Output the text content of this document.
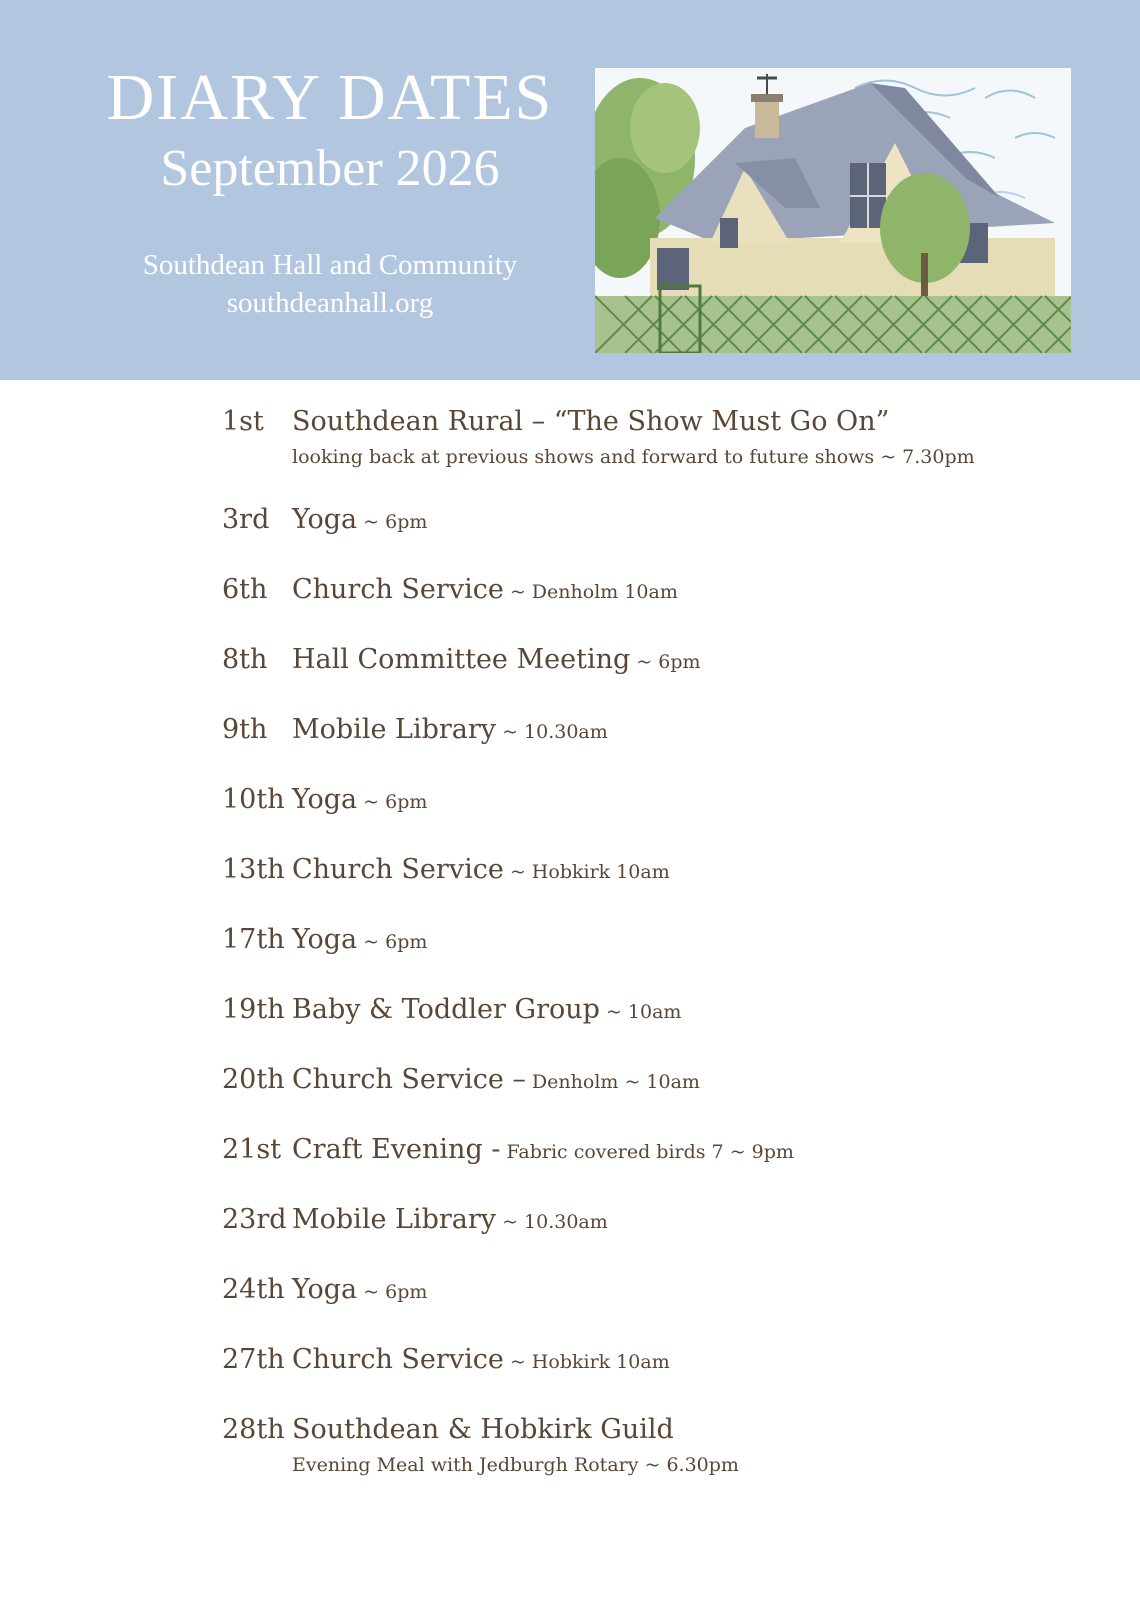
DIARY DATES
September 2026
Southdean Hall and Community
southdeanhall.org
1st Southdean Rural – “The Show Must Go On”
looking back at previous shows and forward to future shows ~ 7.30pm
3rd Yoga ~ 6pm
6th Church Service ~ Denholm 10am
8th Hall Committee Meeting ~ 6pm
9th Mobile Library ~ 10.30am
10th Yoga ~ 6pm
13th Church Service ~ Hobkirk 10am
17th Yoga ~ 6pm
19th Baby & Toddler Group ~ 10am
20th Church Service – Denholm ~ 10am
21st Craft Evening - Fabric covered birds 7 ~ 9pm
23rd Mobile Library ~ 10.30am
24th Yoga ~ 6pm
27th Church Service ~ Hobkirk 10am
28th Southdean & Hobkirk Guild
Evening Meal with Jedburgh Rotary ~ 6.30pm
